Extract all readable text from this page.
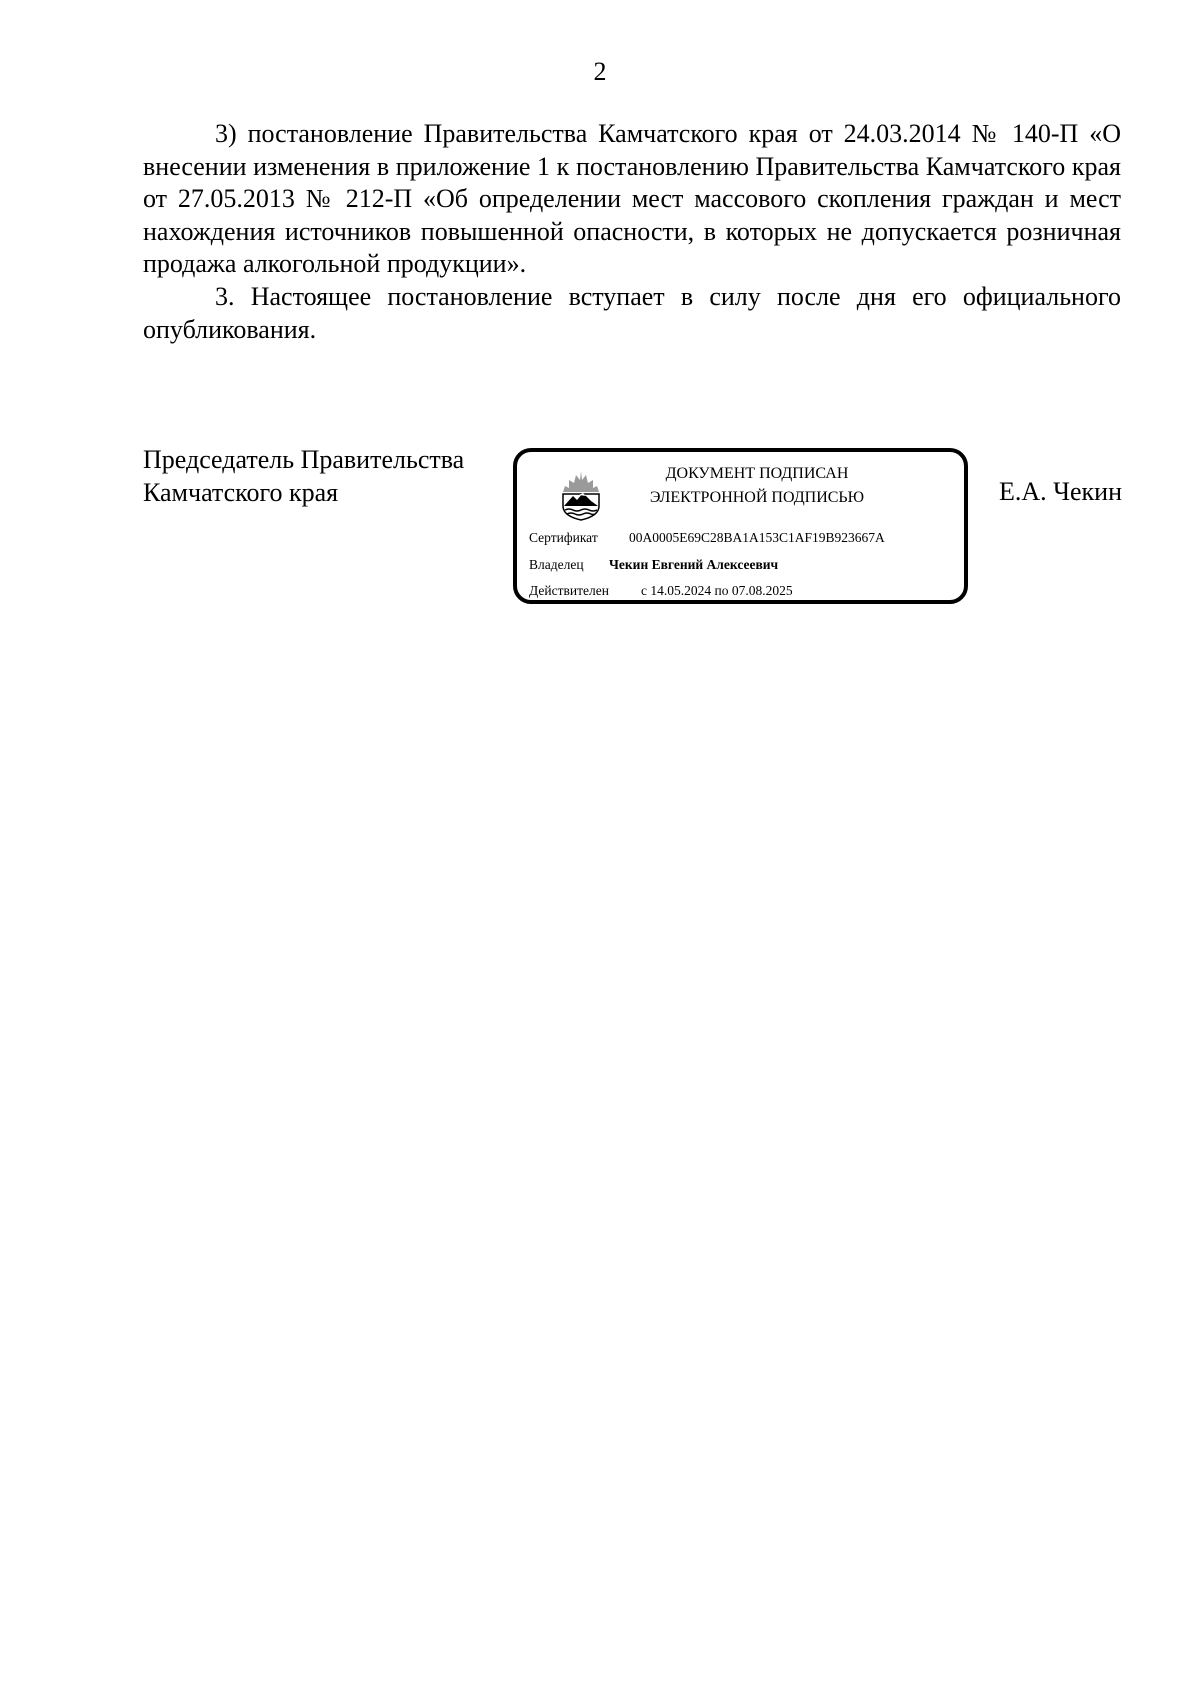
2

3) постановление Правительства Камчатского края от 24.03.2014 № 140-П «О внесении изменения в приложение 1 к постановлению Правительства Камчатского края от 27.05.2013 № 212-П «Об определении мест массового скопления граждан и мест нахождения источников повышенной опасности, в которых не допускается розничная продажа алкогольной продукции».

3. Настоящее постановление вступает в силу после дня его официального опубликования.

Председатель Правительства
Камчатского края	Е.А. Чекин
ДОКУМЕНТ ПОДПИСАН
ЭЛЕКТРОННОЙ ПОДПИСЬЮ
Сертификат 00A0005E69C28BA1A153C1AF19B923667A
Владелец Чекин Евгений Алексеевич
Действителен с 14.05.2024 по 07.08.2025
